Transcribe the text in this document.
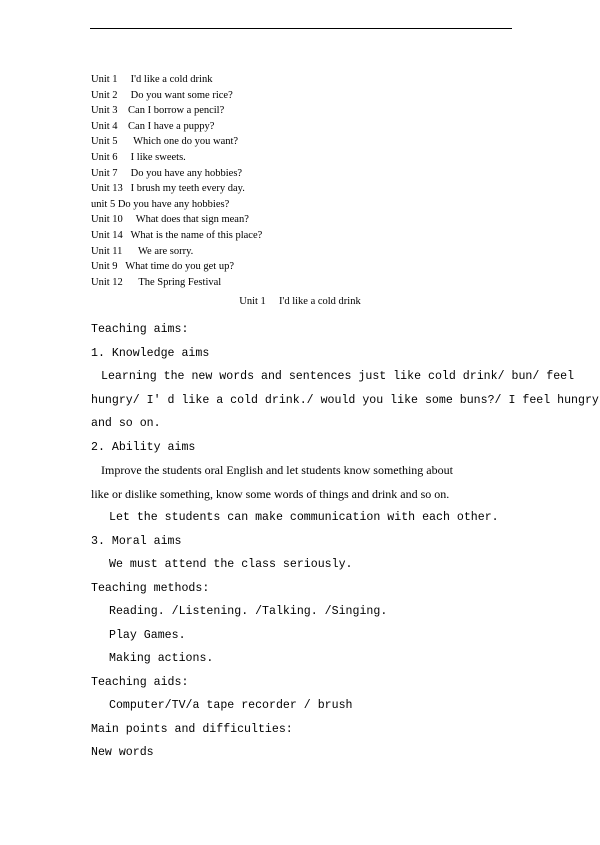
Unit 1 I'd like a cold drink
Unit 2 Do you want some rice?
Unit 3 Can I borrow a pencil?
Unit 4 Can I have a puppy?
Unit 5 Which one do you want?
Unit 6 I like sweets.
Unit 7 Do you have any hobbies?
Unit 13 I brush my teeth every day.
unit 5 Do you have any hobbies?
Unit 10 What does that sign mean?
Unit 14 What is the name of this place?
Unit 11 We are sorry.
Unit 9 What time do you get up?
Unit 12 The Spring Festival
Unit 1 I'd like a cold drink
Teaching aims:
1. Knowledge aims
Learning the new words and sentences just like cold drink/ bun/ feel
hungry/ I' d like a cold drink./ would you like some buns?/ I feel hungry
and so on.
2. Ability aims
Improve the students oral English and let students know something about
like or dislike something, know some words of things and drink and so on.
Let the students can make communication with each other.
3. Moral aims
We must attend the class seriously.
Teaching methods:
Reading. /Listening. /Talking. /Singing.
Play Games.
Making actions.
Teaching aids:
Computer/TV/a tape recorder / brush
Main points and difficulties:
New words
